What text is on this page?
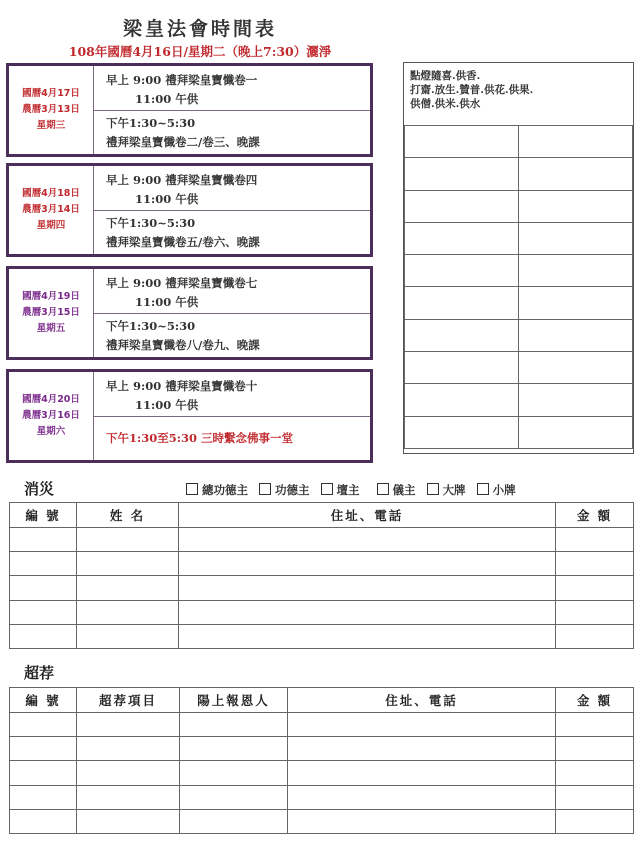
梁皇法會時間表
108年國曆4月16日/星期二（晚上7:30）灑淨
國曆4月17日
農曆3月13日
星期三
早上 9:00 禮拜梁皇寶懺卷一
11:00 午供
下午1:30~5:30
禮拜梁皇寶懺卷二/卷三、晚課
國曆4月18日
農曆3月14日
星期四
早上 9:00 禮拜梁皇寶懺卷四
11:00 午供
下午1:30~5:30
禮拜梁皇寶懺卷五/卷六、晚課
國曆4月19日
農曆3月15日
星期五
早上 9:00 禮拜梁皇寶懺卷七
11:00 午供
下午1:30~5:30
禮拜梁皇寶懺卷八/卷九、晚課
國曆4月20日
農曆3月16日
星期六
早上 9:00 禮拜梁皇寶懺卷十
11:00 午供
下午1:30至5:30 三時繫念佛事一堂
點燈隨喜.供香.
打齋.放生.贊普.供花.供果.
供僧.供米.供水

消災	總功德主 功德主 壇主	儀主 大牌 小牌
編 號	姓 名	住址、電話	金 額

超荐
編 號	超荐項目	陽上報恩人	住址、電話	金 額
